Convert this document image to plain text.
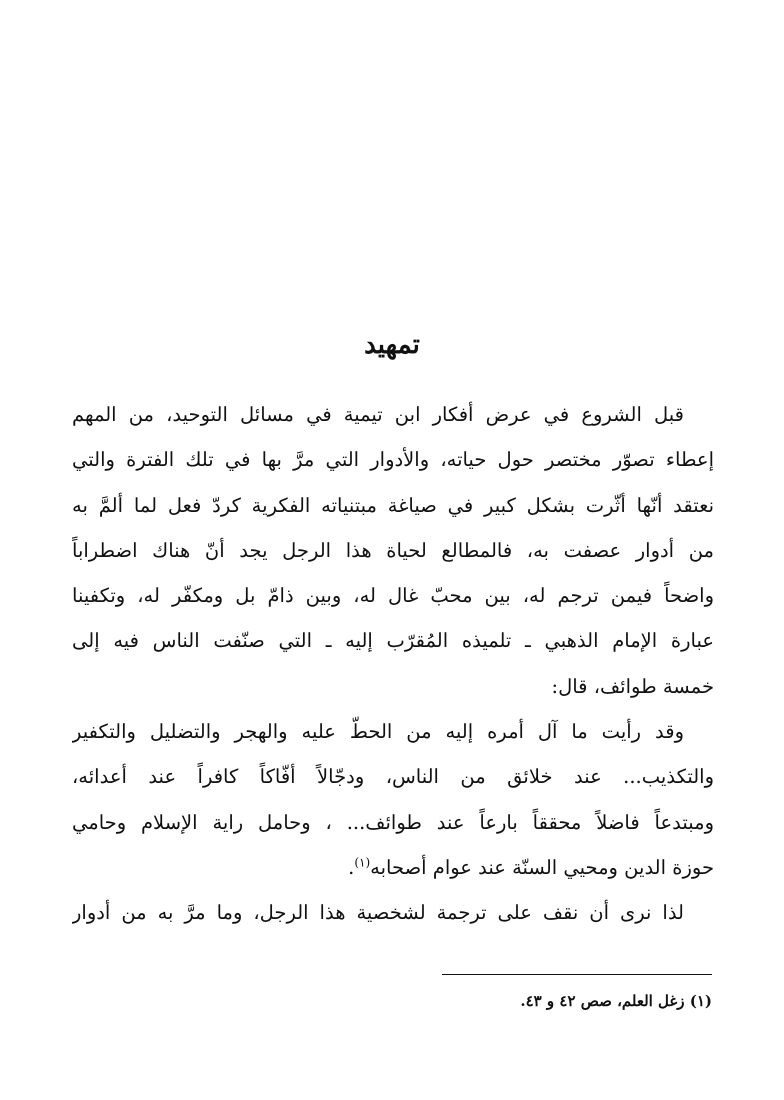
تمهيد
قبل الشروع في عرض أفكار ابن تيمية في مسائل التوحيد، من المهم
إعطاء تصوّر مختصر حول حياته، والأدوار التي مرَّ بها في تلك الفترة والتي
نعتقد أنّها أثّرت بشكل كبير في صياغة مبتنياته الفكرية كردّ فعل لما ألمَّ به
من أدوار عصفت به، فالمطالع لحياة هذا الرجل يجد أنّ هناك اضطراباً
واضحاً فيمن ترجم له، بين محبّ غال له، وبين ذامّ بل ومكفّر له، وتكفينا
عبارة الإمام الذهبي ـ تلميذه المُقرّب إليه ـ التي صنّفت الناس فيه إلى
خمسة طوائف، قال:
وقد رأيت ما آل أمره إليه من الحطّ عليه والهجر والتضليل والتكفير
والتكذيب... عند خلائق من الناس، ودجّالاً أفّاكاً كافراً عند أعدائه،
ومبتدعاً فاضلاً محققاً بارعاً عند طوائف... ، وحامل راية الإسلام وحامي
حوزة الدين ومحيي السنّة عند عوام أصحابه$^{(١)}$.
لذا نرى أن نقف على ترجمة لشخصية هذا الرجل، وما مرَّ به من أدوار
(١) زغل العلم، صص ٤٢ و ٤٣.
